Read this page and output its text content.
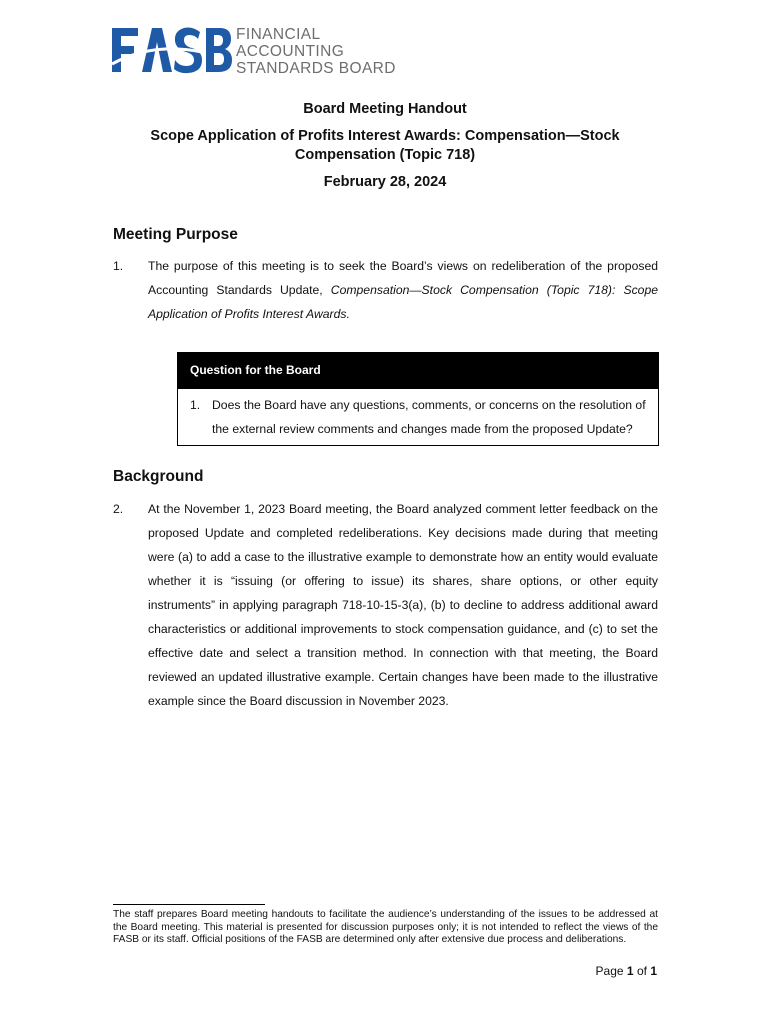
FINANCIAL
ACCOUNTING
STANDARDS BOARD
Board Meeting Handout
Scope Application of Profits Interest Awards: Compensation—Stock
Compensation (Topic 718)
February 28, 2024
Meeting Purpose
1. The purpose of this meeting is to seek the Board’s views on redeliberation of the proposed Accounting Standards Update, Compensation—Stock Compensation (Topic 718): Scope Application of Profits Interest Awards.
Question for the Board
1. Does the Board have any questions, comments, or concerns on the resolution of the external review comments and changes made from the proposed Update?
Background
2. At the November 1, 2023 Board meeting, the Board analyzed comment letter feedback on the proposed Update and completed redeliberations. Key decisions made during that meeting were (a) to add a case to the illustrative example to demonstrate how an entity would evaluate whether it is “issuing (or offering to issue) its shares, share options, or other equity instruments” in applying paragraph 718-10-15-3(a), (b) to decline to address additional award characteristics or additional improvements to stock compensation guidance, and (c) to set the effective date and select a transition method. In connection with that meeting, the Board reviewed an updated illustrative example. Certain changes have been made to the illustrative example since the Board discussion in November 2023.
The staff prepares Board meeting handouts to facilitate the audience’s understanding of the issues to be addressed at the Board meeting. This material is presented for discussion purposes only; it is not intended to reflect the views of the FASB or its staff. Official positions of the FASB are determined only after extensive due process and deliberations.
Page 1 of 1
